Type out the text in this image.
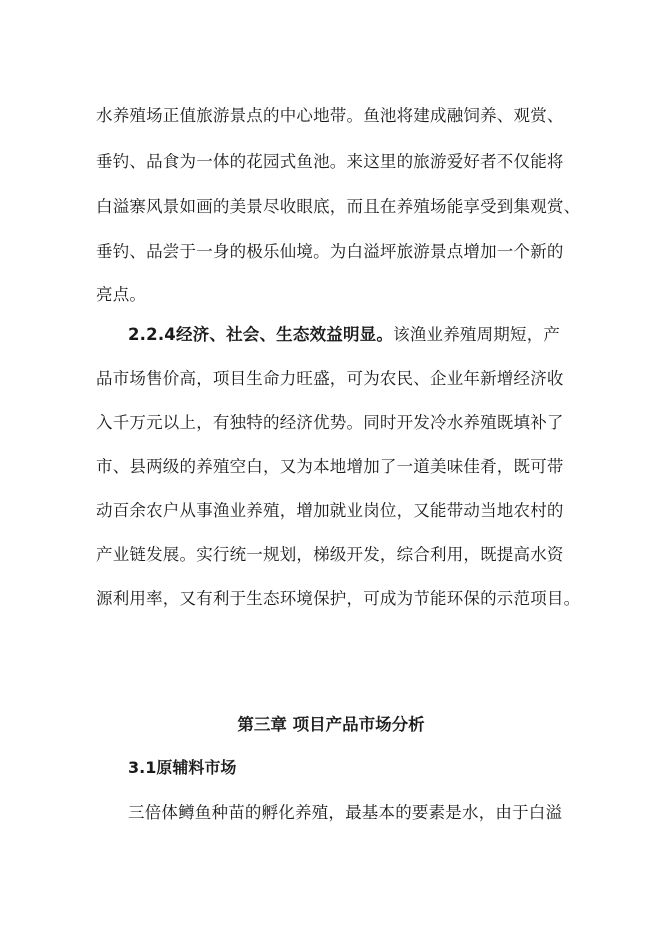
水养殖场正值旅游景点的中心地带。鱼池将建成融饲养、观赏、
垂钓、品食为一体的花园式鱼池。来这里的旅游爱好者不仅能将
白溢寨风景如画的美景尽收眼底，而且在养殖场能享受到集观赏、
垂钓、品尝于一身的极乐仙境。为白溢坪旅游景点增加一个新的
亮点。
2.2.4经济、社会、生态效益明显。该渔业养殖周期短，产
品市场售价高，项目生命力旺盛，可为农民、企业年新增经济收
入千万元以上，有独特的经济优势。同时开发冷水养殖既填补了
市、县两级的养殖空白，又为本地增加了一道美味佳肴，既可带
动百余农户从事渔业养殖，增加就业岗位，又能带动当地农村的
产业链发展。实行统一规划，梯级开发，综合利用，既提高水资
源利用率，又有利于生态环境保护，可成为节能环保的示范项目。
第三章 项目产品市场分析
3.1原辅料市场
三倍体鳟鱼种苗的孵化养殖，最基本的要素是水，由于白溢
